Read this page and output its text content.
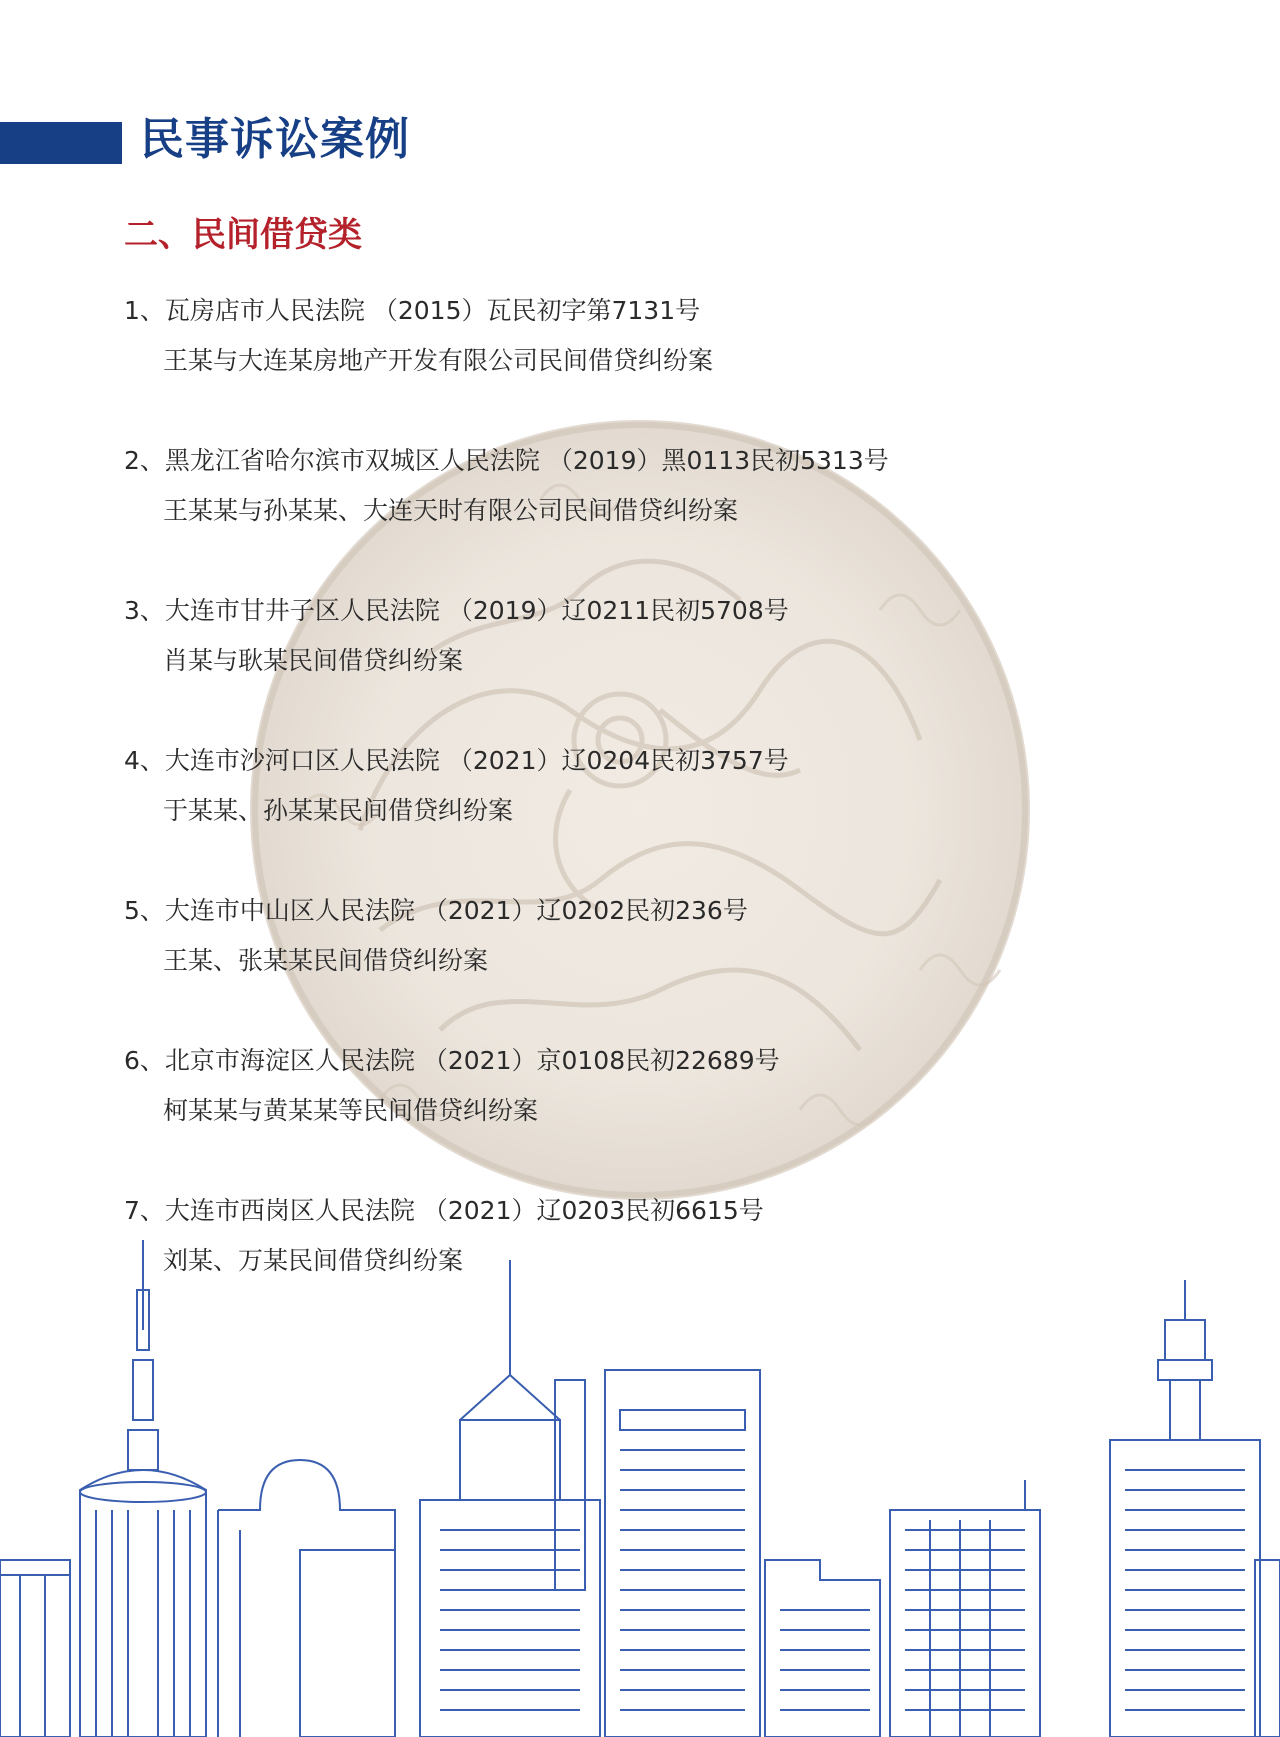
民事诉讼案例
二、民间借贷类
1、瓦房店市人民法院 （2015）瓦民初字第7131号
王某与大连某房地产开发有限公司民间借贷纠纷案
2、黑龙江省哈尔滨市双城区人民法院 （2019）黑0113民初5313号
王某某与孙某某、大连天时有限公司民间借贷纠纷案
3、大连市甘井子区人民法院 （2019）辽0211民初5708号
肖某与耿某民间借贷纠纷案
4、大连市沙河口区人民法院 （2021）辽0204民初3757号
于某某、孙某某民间借贷纠纷案
5、大连市中山区人民法院 （2021）辽0202民初236号
王某、张某某民间借贷纠纷案
6、北京市海淀区人民法院 （2021）京0108民初22689号
柯某某与黄某某等民间借贷纠纷案
7、大连市西岗区人民法院 （2021）辽0203民初6615号
刘某、万某民间借贷纠纷案
